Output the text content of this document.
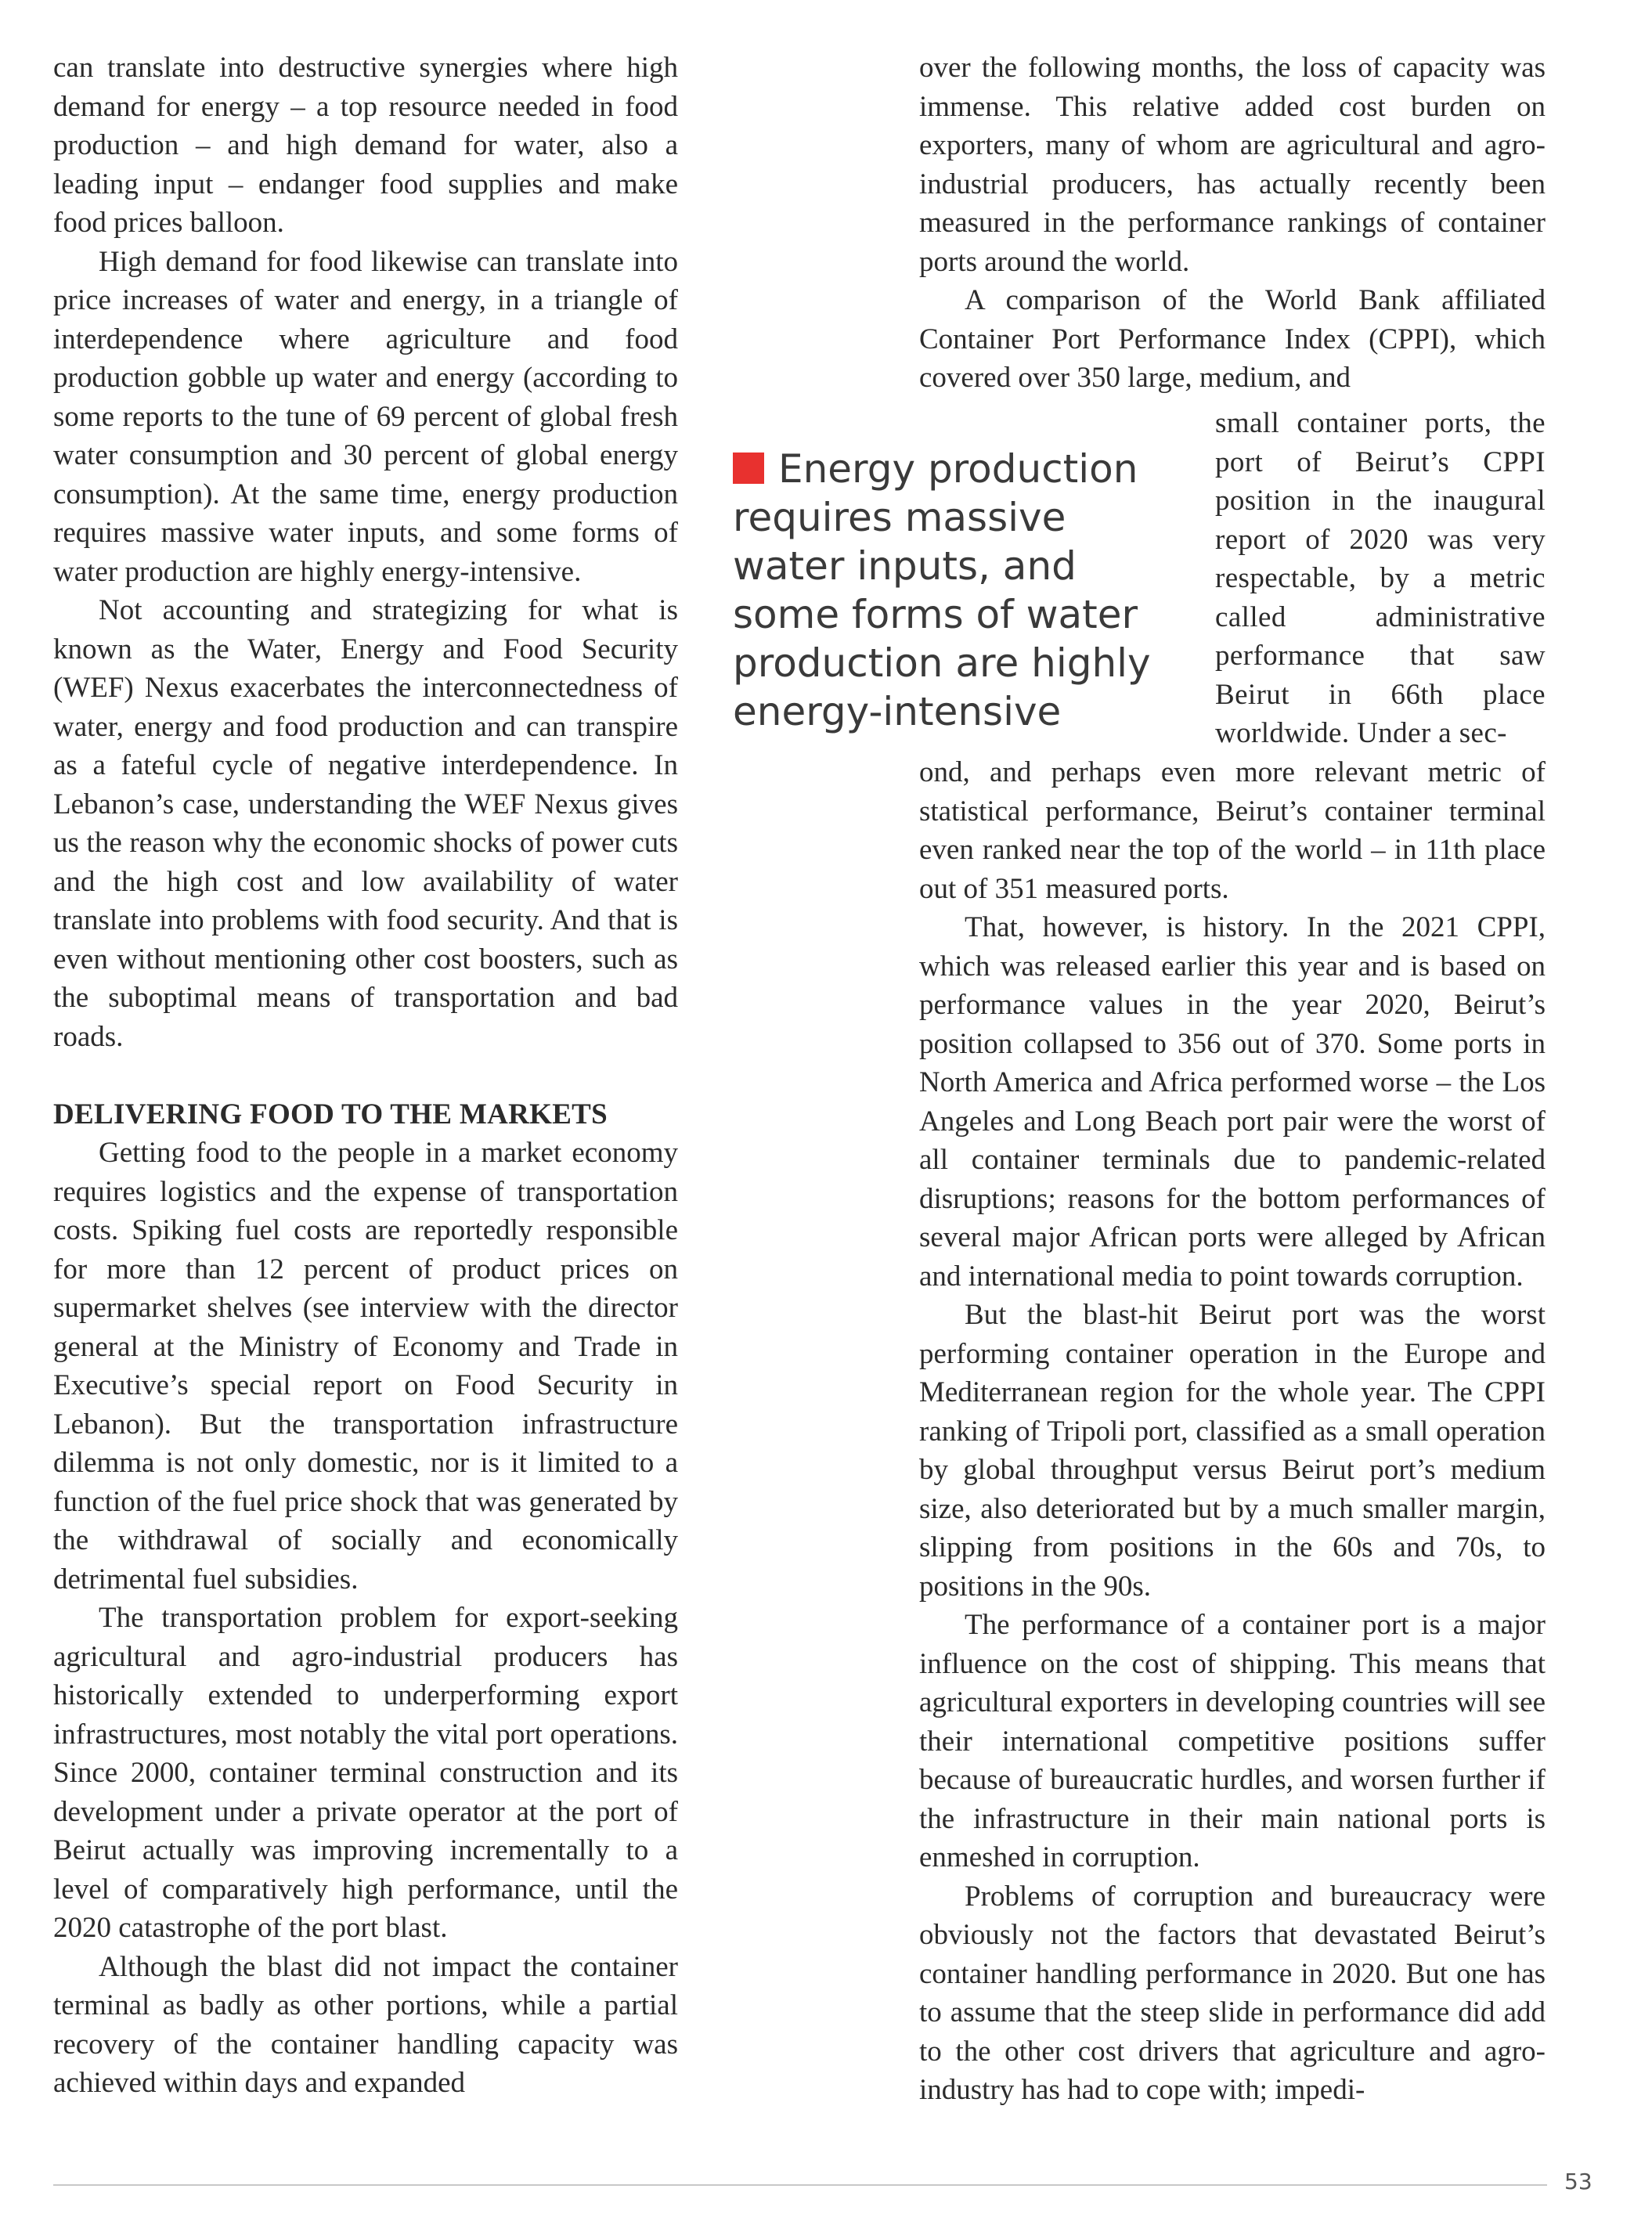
can translate into destructive synergies where high demand for energy – a top resource needed in food production – and high demand for water, also a leading input – endanger food supplies and make food prices balloon.

High demand for food likewise can translate into price increases of water and energy, in a triangle of interdependence where agriculture and food production gobble up water and energy (according to some reports to the tune of 69 percent of global fresh water consumption and 30 percent of global energy consumption). At the same time, energy production requires massive water inputs, and some forms of water production are highly energy-intensive.

Not accounting and strategizing for what is known as the Water, Energy and Food Security (WEF) Nexus exacerbates the interconnectedness of water, energy and food production and can transpire as a fateful cycle of negative interdependence. In Lebanon’s case, understanding the WEF Nexus gives us the reason why the economic shocks of power cuts and the high cost and low availability of water translate into problems with food security. And that is even without mentioning other cost boosters, such as the suboptimal means of transportation and bad roads.

DELIVERING FOOD TO THE MARKETS

Getting food to the people in a market economy requires logistics and the expense of transportation costs. Spiking fuel costs are reportedly responsible for more than 12 percent of product prices on supermarket shelves (see interview with the director general at the Ministry of Economy and Trade in Executive’s special report on Food Security in Lebanon). But the transportation infrastructure dilemma is not only domestic, nor is it limited to a function of the fuel price shock that was generated by the withdrawal of socially and economically detrimental fuel subsidies.

The transportation problem for export-seeking agricultural and agro-industrial producers has historically extended to underperforming export infrastructures, most notably the vital port operations. Since 2000, container terminal construction and its development under a private operator at the port of Beirut actually was improving incrementally to a level of comparatively high performance, until the 2020 catastrophe of the port blast.

Although the blast did not impact the container terminal as badly as other portions, while a partial recovery of the container handling capacity was achieved within days and expanded

over the following months, the loss of capacity was immense. This relative added cost burden on exporters, many of whom are agricultural and agro-industrial producers, has actually recently been measured in the performance rankings of container ports around the world.

A comparison of the World Bank affiliated Container Port Performance Index (CPPI), which covered over 350 large, medium, and

small container ports, the port of Beirut’s CPPI position in the inaugural report of 2020 was very respectable, by a metric called administrative performance that saw Beirut in 66th place worldwide. Under a sec-

Energy production requires massive water inputs, and some forms of water production are highly energy-intensive

ond, and perhaps even more relevant metric of statistical performance, Beirut’s container terminal even ranked near the top of the world – in 11th place out of 351 measured ports.

That, however, is history. In the 2021 CPPI, which was released earlier this year and is based on performance values in the year 2020, Beirut’s position collapsed to 356 out of 370. Some ports in North America and Africa performed worse – the Los Angeles and Long Beach port pair were the worst of all container terminals due to pandemic-related disruptions; reasons for the bottom performances of several major African ports were alleged by African and international media to point towards corruption.

But the blast-hit Beirut port was the worst performing container operation in the Europe and Mediterranean region for the whole year. The CPPI ranking of Tripoli port, classified as a small operation by global throughput versus Beirut port’s medium size, also deteriorated but by a much smaller margin, slipping from positions in the 60s and 70s, to positions in the 90s.

The performance of a container port is a major influence on the cost of shipping. This means that agricultural exporters in developing countries will see their international competitive positions suffer because of bureaucratic hurdles, and worsen further if the infrastructure in their main national ports is enmeshed in corruption.

Problems of corruption and bureaucracy were obviously not the factors that devastated Beirut’s container handling performance in 2020. But one has to assume that the steep slide in performance did add to the other cost drivers that agriculture and agro-industry has had to cope with; impedi-

53
